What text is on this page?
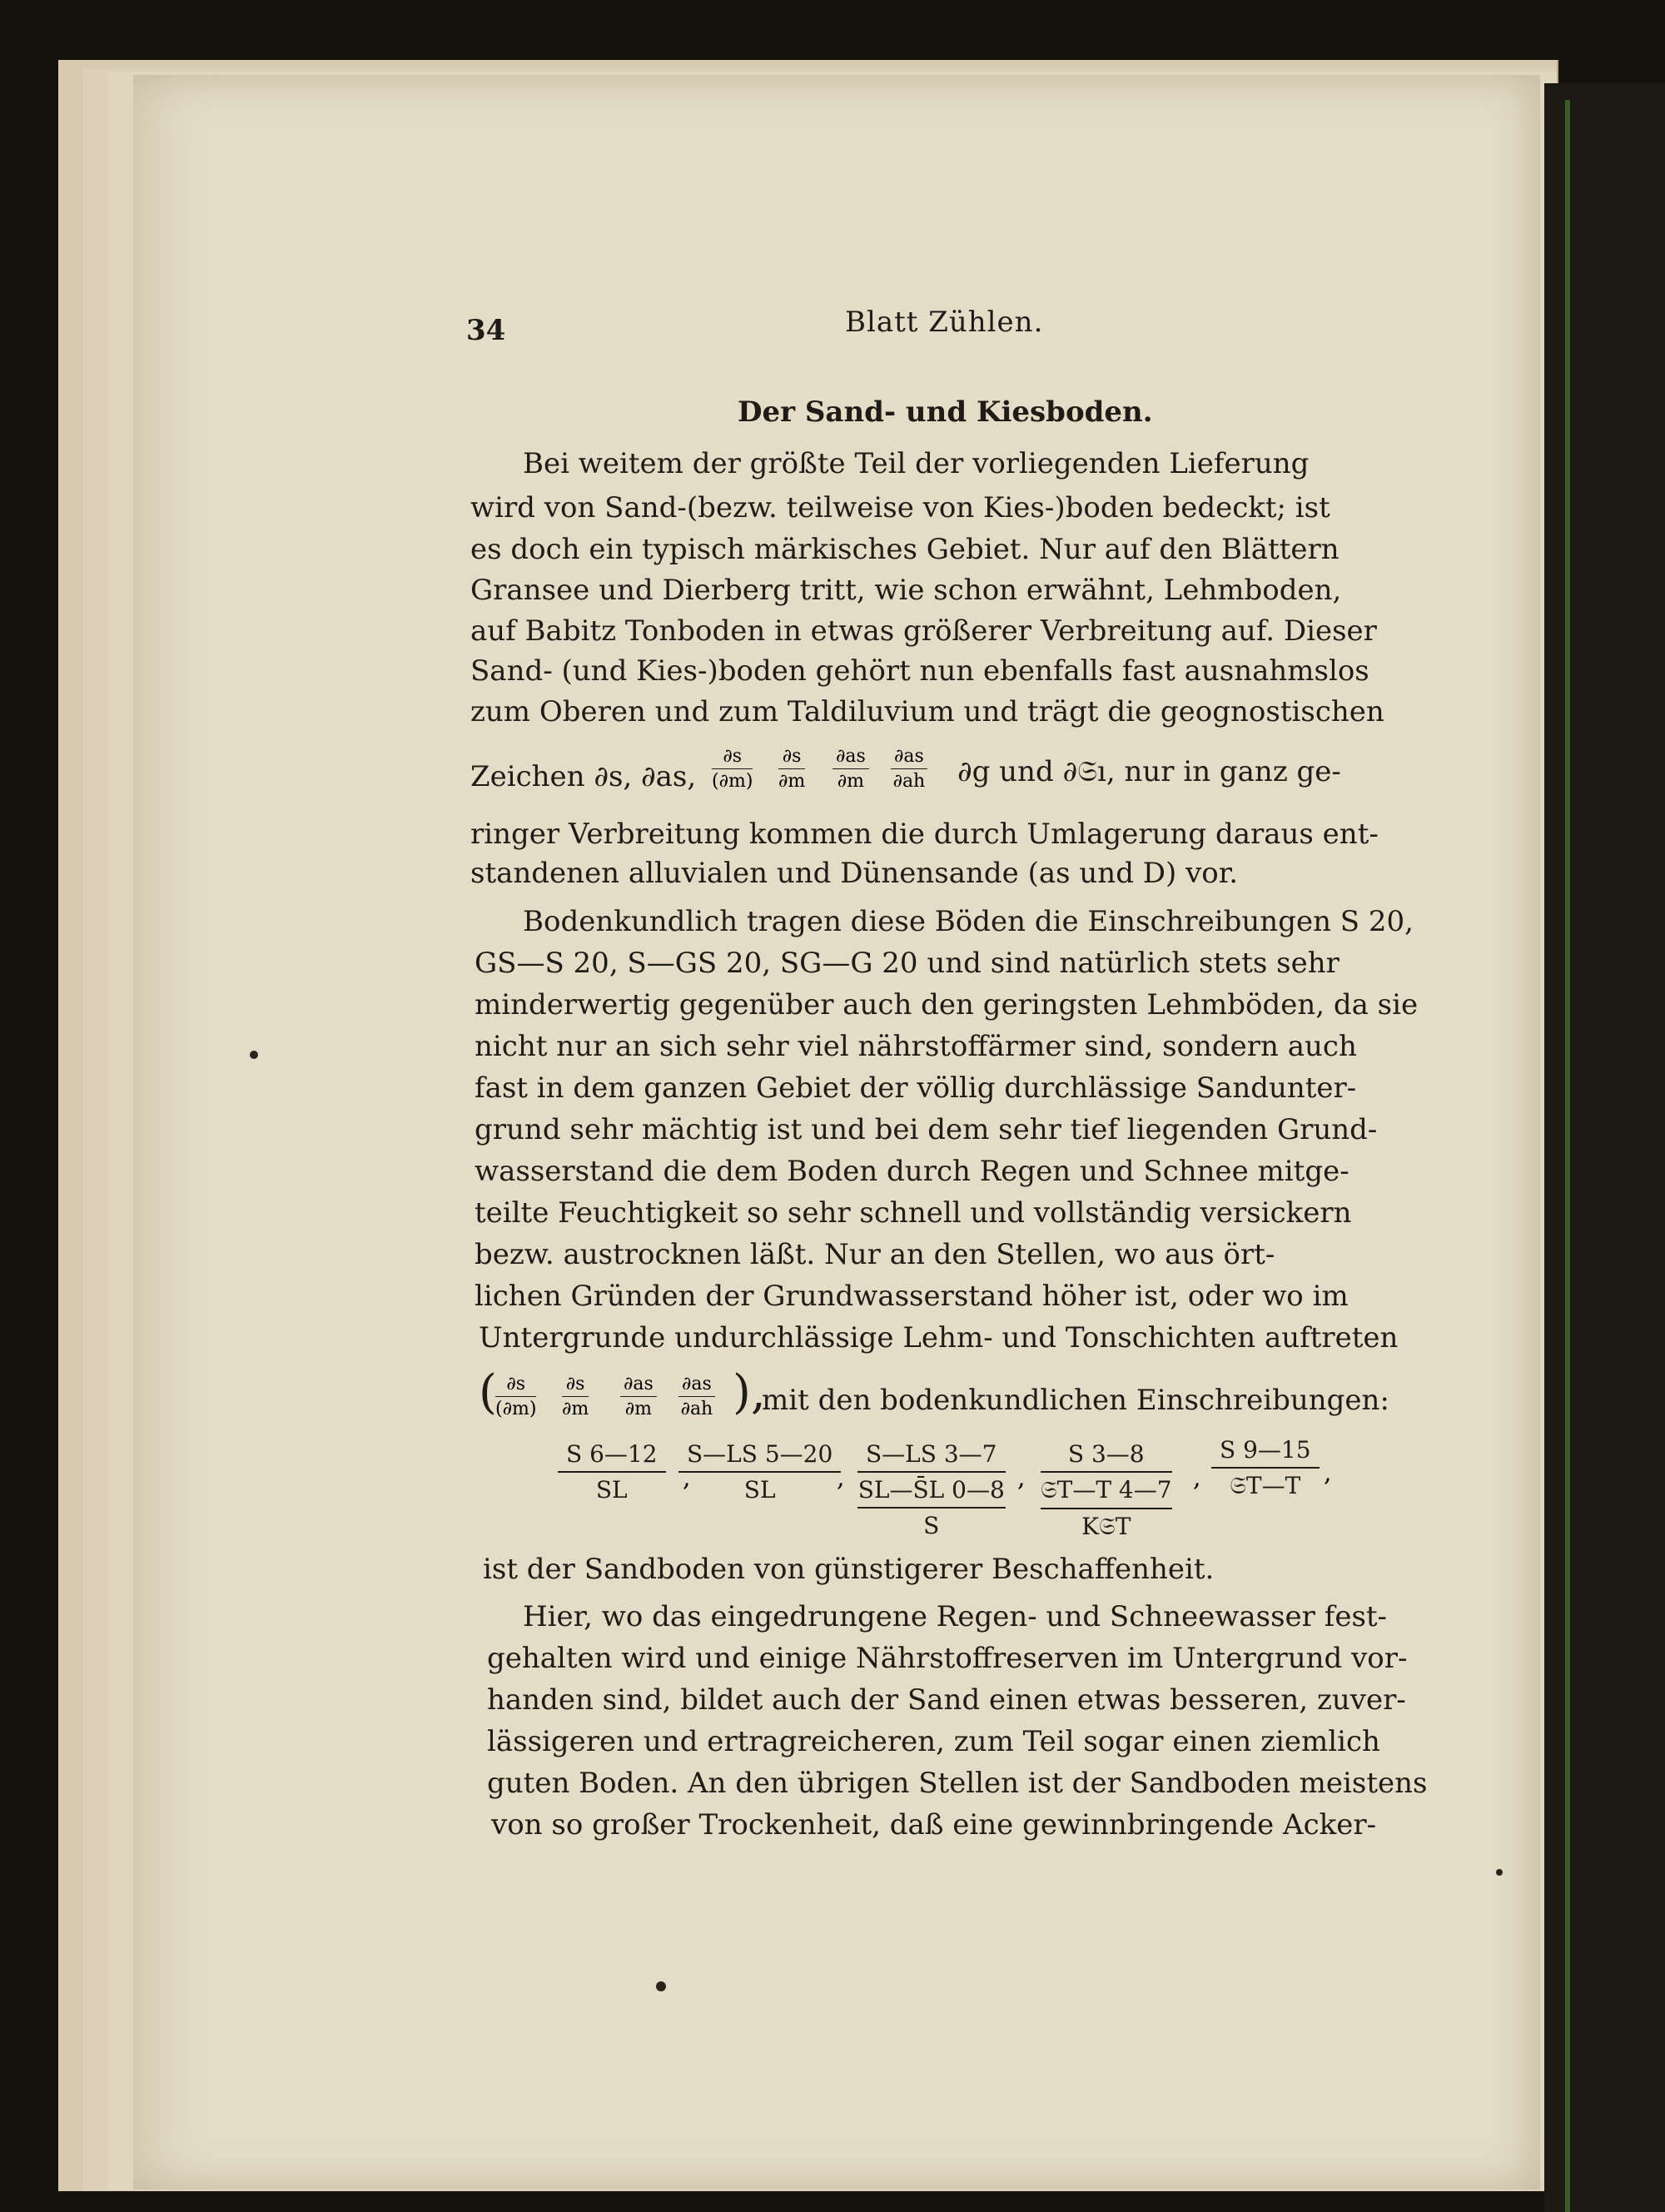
34	Blatt Zühlen.
Der Sand- und Kiesboden.
Bei weitem der größte Teil der vorliegenden Lieferung
wird von Sand-(bezw. teilweise von Kies-)boden bedeckt; ist
es doch ein typisch märkisches Gebiet. Nur auf den Blättern
Gransee und Dierberg tritt, wie schon erwähnt, Lehmboden,
auf Babitz Tonboden in etwas größerer Verbreitung auf. Dieser
Sand- (und Kies-)boden gehört nun ebenfalls fast ausnahmslos
zum Oberen und zum Taldiluvium und trägt die geognostischen
Zeichen ∂s, ∂as, $\frac{\partial s}{(\partial m)} \frac{\partial s}{\partial m} \frac{\partial as}{\partial m} \frac{\partial as}{\partial ah} \partial g$ und ∂𝔖ı, nur in ganz ge-
ringer Verbreitung kommen die durch Umlagerung daraus ent-
standenen alluvialen und Dünensande (as und D) vor.
Bodenkundlich tragen diese Böden die Einschreibungen S 20,
GS—S 20, S—GS 20, SG—G 20 und sind natürlich stets sehr
minderwertig gegenüber auch den geringsten Lehmböden, da sie
nicht nur an sich sehr viel nährstoffärmer sind, sondern auch
fast in dem ganzen Gebiet der völlig durchlässige Sandunter-
grund sehr mächtig ist und bei dem sehr tief liegenden Grund-
wasserstand die dem Boden durch Regen und Schnee mitge-
teilte Feuchtigkeit so sehr schnell und vollständig versickern
bezw. austrocknen läßt. Nur an den Stellen, wo aus ört-
lichen Gründen der Grundwasserstand höher ist, oder wo im
Untergrunde undurchlässige Lehm- und Tonschichten auftreten
(
$\frac{\partial s}{(\partial m)} \frac{\partial s}{\partial m} \frac{\partial as}{\partial m} \frac{\partial as}{\partial ah}$ ),
mit den bodenkundlichen Einschreibungen:
$\frac{S 6—12}{SL}$ ,
$\frac{S—LS 5—20}{SL}$
,
S—LS 3—7
SL—S̄L 0—8
S
,
S 3—8
𝔖T—T 4—7
K𝔖T
,
S 9—15
𝔖T—T ,
ist der Sandboden von günstigerer Beschaffenheit.
Hier, wo das eingedrungene Regen- und Schneewasser fest-
gehalten wird und einige Nährstoffreserven im Untergrund vor-
handen sind, bildet auch der Sand einen etwas besseren, zuver-
lässigeren und ertragreicheren, zum Teil sogar einen ziemlich
guten Boden. An den übrigen Stellen ist der Sandboden meistens
von so großer Trockenheit, daß eine gewinnbringende Acker-
